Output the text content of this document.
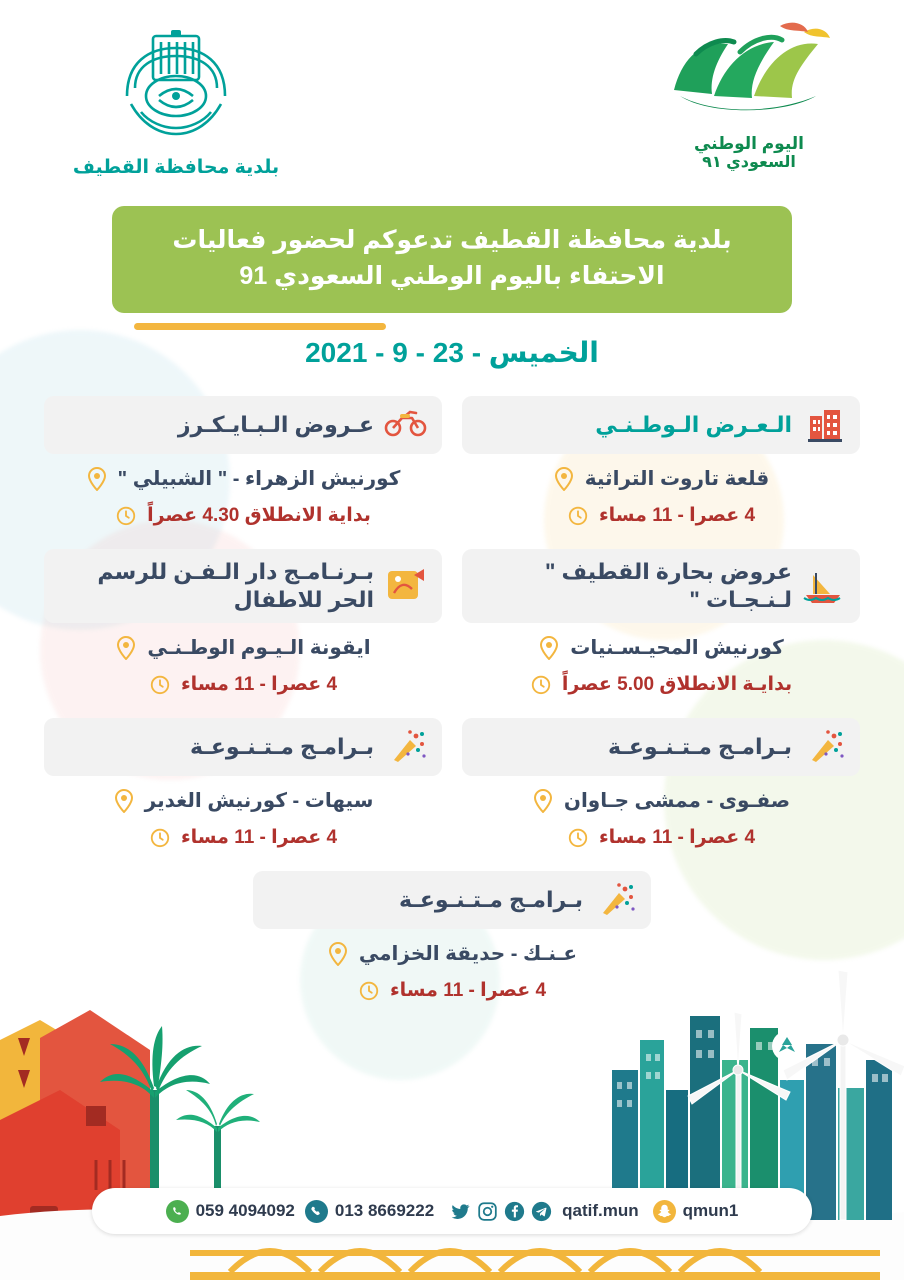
بلدية محافظة القطيف
اليوم الوطني
السعودي ٩١
بلدية محافظة القطيف تدعوكم لحضور فعاليات الاحتفاء باليوم الوطني السعودي 91
الخميس - 23 - 9 - 2021
الـعـرض الـوطـنـي
قلعة تاروت التراثية
4 عصرا - 11 مساء
عروض بحارة القطيف " لـنـجـات "
كورنيش المحيـسـنيات
بدايـة الانطلاق 5.00 عصراً
بـرامـج مـتـنـوعـة
صفـوى - ممشى جـاوان
4 عصرا - 11 مساء
عـروض الـبـايـكـرز
كورنيش الزهراء - " الشبيلي "
بداية الانطلاق 4.30 عصراً
بـرنـامـج دار الـفـن للرسم الحر للاطفال
ايقونة الـيـوم الوطـنـي
4 عصرا - 11 مساء
بـرامـج مـتـنـوعـة
سيهات - كورنيش الغدير
4 عصرا - 11 مساء
بـرامـج مـتـنـوعـة
عـنـك - حديقة الخزامي
4 عصرا - 11 مساء
059 4094092 013 8669222	qatif.mun	qmun1
